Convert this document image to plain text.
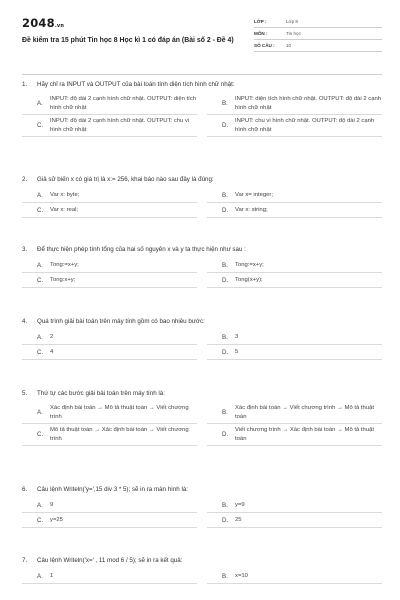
2048.vn
Đề kiểm tra 15 phút Tin học 8 Học kì 1 có đáp án (Bài số 2 - Đề 4)
LỚP :	Lớp 8
MÔN :	Tin học
SỐ CÂU :	10
1.	Hãy chỉ ra INPUT và OUTPUT của bài toán tính diện tích hình chữ nhật:
A.
INPUT: độ dài 2 cạnh hình chữ nhật. OUTPUT: diện tích hình chữ nhật
B.
INPUT: diện tích hình chữ nhật. OUTPUT: độ dài 2 cạnh hình chữ nhật
C.
INPUT: độ dài 2 cạnh hình chữ nhật. OUTPUT: chu vi hình chữ nhật
D.
INPUT: chu vi hình chữ nhật. OUTPUT: độ dài 2 cạnh hình chữ nhật
2.	Giả sử biến x có giá trị là x:= 256, khai báo nào sau đây là đúng:
A.	Var x: byte;	B.	Var x= integer;
C.	Var x: real;	D.	Var x: string;
3.	Để thực hiện phép tính tổng của hai số nguyên x và y ta thực hiện như sau :
A.	Tong:=x+y;	B.	Tong:=x+y;
C.	Tong:x+y;	D.	Tong(x+y);
4.	Quá trình giải bài toán trên máy tính gồm có bao nhiêu bước:
A.	2	B.	3
C.	4	D.	5
5.	Thứ tự các bước giải bài toán trên máy tính là:
A.
Xác định bài toán → Mô tả thuật toán → Viết chương trình
B.
Xác định bài toán → Viết chương trình → Mô tả thuật toán
C.
Mô tả thuật toán → Xác định bài toán → Viết chương trình
D.
Viết chương trình → Xác định bài toán → Mô tả thuật toán
6.	Câu lệnh Writeln('y=',15 div 3 * 5); sẽ in ra màn hình là:
A.	9	B.	y=9
C.	y=25	D.	25
7.	Câu lệnh Writeln('x=' , 11 mod 6 / 5); sẽ in ra kết quả:
A.	1	B.	x=10
